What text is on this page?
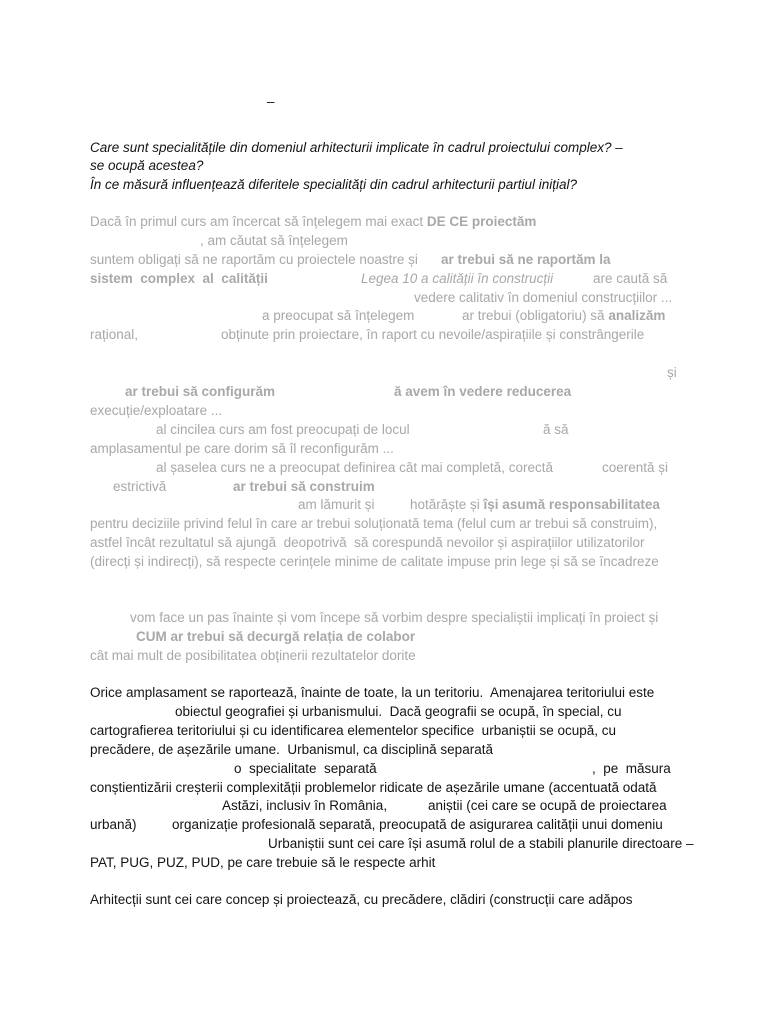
–
Care sunt specialitățile din domeniul arhitecturii implicate în cadrul proiectului complex? –
se ocupă acestea?
În ce măsură influențează diferitele specialități din cadrul arhitecturii partiul inițial?
Dacă în primul curs am încercat să înțelegem mai exact DE CE proiectăm
, am căutat să înțelegem
suntem obligați să ne raportăm cu proiectele noastre și ar trebui să ne raportăm la
sistem  complex  al  calității	Legea 10 a calității în construcții	are caută să
vedere calitativ în domeniul construcțiilor ...
a preocupat să înțelegem	ar trebui (obligatoriu) să analizăm
rațional,	obținute prin proiectare, în raport cu nevoile/aspirațiile și constrângerile
și
ar trebui să configurăm	ă avem în vedere reducerea
execuție/exploatare ...
al cincilea curs am fost preocupați de locul	ă să
amplasamentul pe care dorim să îl reconfigurăm ...
al șaselea curs ne a preocupat definirea cât mai completă, corectă	coerentă și
estrictivă	ar trebui să construim
am lămurit și	hotărăște și își asumă responsabilitatea
pentru deciziile privind felul în care ar trebui soluționată tema (felul cum ar trebui să construim),
astfel încât rezultatul să ajungă  deopotrivă  să corespundă nevoilor și aspirațiilor utilizatorilor
(direcți și indirecți), să respecte cerințele minime de calitate impuse prin lege și să se încadreze
vom face un pas înainte și vom începe să vorbim despre specialiștii implicați în proiect și
CUM ar trebui să decurgă relația de colabor
cât mai mult de posibilitatea obținerii rezultatelor dorite
Orice amplasament se raportează, înainte de toate, la un teritoriu.  Amenajarea teritoriului este
obiectul geografiei și urbanismului.  Dacă geografii se ocupă, în special, cu
cartografierea teritoriului și cu identificarea elementelor specifice  urbaniștii se ocupă, cu
precădere, de așezările umane.  Urbanismul, ca disciplină separată
o  specialitate  separată	,  pe  măsura
conștientizării creșterii complexității problemelor ridicate de așezările umane (accentuată odată
Astăzi, inclusiv în România,	aniștii (cei care se ocupă de proiectarea
urbană)	organizație profesională separată, preocupată de asigurarea calității unui domeniu
Urbaniștii sunt cei care își asumă rolul de a stabili planurile directoare –
PAT, PUG, PUZ, PUD, pe care trebuie să le respecte arhit
Arhitecții sunt cei care concep și proiectează, cu precădere, clădiri (construcții care adăpos
